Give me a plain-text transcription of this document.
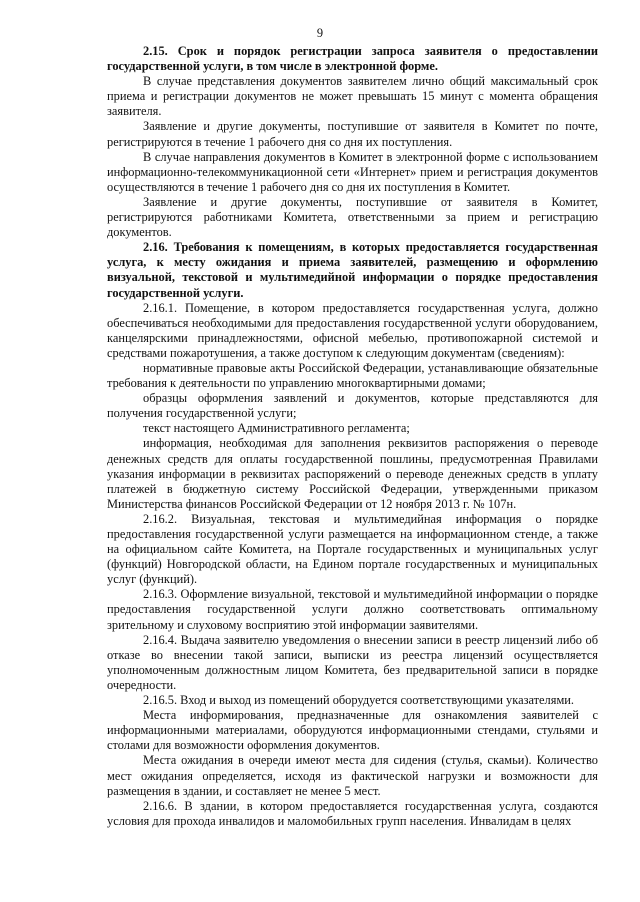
9

2.15. Срок и порядок регистрации запроса заявителя о предоставлении государственной услуги, в том числе в электронной форме.

В случае представления документов заявителем лично общий максимальный срок приема и регистрации документов не может превышать 15 минут с момента обращения заявителя.

Заявление и другие документы, поступившие от заявителя в Комитет по почте, регистрируются в течение 1 рабочего дня со дня их поступления.

В случае направления документов в Комитет в электронной форме с использованием информационно-телекоммуникационной сети «Интернет» прием и регистрация документов осуществляются в течение 1 рабочего дня со дня их поступления в Комитет.

Заявление и другие документы, поступившие от заявителя в Комитет, регистрируются работниками Комитета, ответственными за прием и регистрацию документов.

2.16. Требования к помещениям, в которых предоставляется государственная услуга, к месту ожидания и приема заявителей, размещению и оформлению визуальной, текстовой и мультимедийной информации о порядке предоставления государственной услуги.

2.16.1. Помещение, в котором предоставляется государственная услуга, должно обеспечиваться необходимыми для предоставления государственной услуги оборудованием, канцелярскими принадлежностями, офисной мебелью, противопожарной системой и средствами пожаротушения, а также доступом к следующим документам (сведениям):

нормативные правовые акты Российской Федерации, устанавливающие обязательные требования к деятельности по управлению многоквартирными домами;

образцы оформления заявлений и документов, которые представляются для получения государственной услуги;

текст настоящего Административного регламента;

информация, необходимая для заполнения реквизитов распоряжения о переводе денежных средств для оплаты государственной пошлины, предусмотренная Правилами указания информации в реквизитах распоряжений о переводе денежных средств в уплату платежей в бюджетную систему Российской Федерации, утвержденными приказом Министерства финансов Российской Федерации от 12 ноября 2013 г. № 107н.

2.16.2. Визуальная, текстовая и мультимедийная информация о порядке предоставления государственной услуги размещается на информационном стенде, а также на официальном сайте Комитета, на Портале государственных и муниципальных услуг (функций) Новгородской области, на Едином портале государственных и муниципальных услуг (функций).

2.16.3. Оформление визуальной, текстовой и мультимедийной информации о порядке предоставления государственной услуги должно соответствовать оптимальному зрительному и слуховому восприятию этой информации заявителями.

2.16.4. Выдача заявителю уведомления о внесении записи в реестр лицензий либо об отказе во внесении такой записи, выписки из реестра лицензий осуществляется уполномоченным должностным лицом Комитета, без предварительной записи в порядке очередности.

2.16.5. Вход и выход из помещений оборудуется соответствующими указателями.

Места информирования, предназначенные для ознакомления заявителей с информационными материалами, оборудуются информационными стендами, стульями и столами для возможности оформления документов.

Места ожидания в очереди имеют места для сидения (стулья, скамьи). Количество мест ожидания определяется, исходя из фактической нагрузки и возможности для размещения в здании, и составляет не менее 5 мест.

2.16.6. В здании, в котором предоставляется государственная услуга, создаются условия для прохода инвалидов и маломобильных групп населения. Инвалидам в целях
